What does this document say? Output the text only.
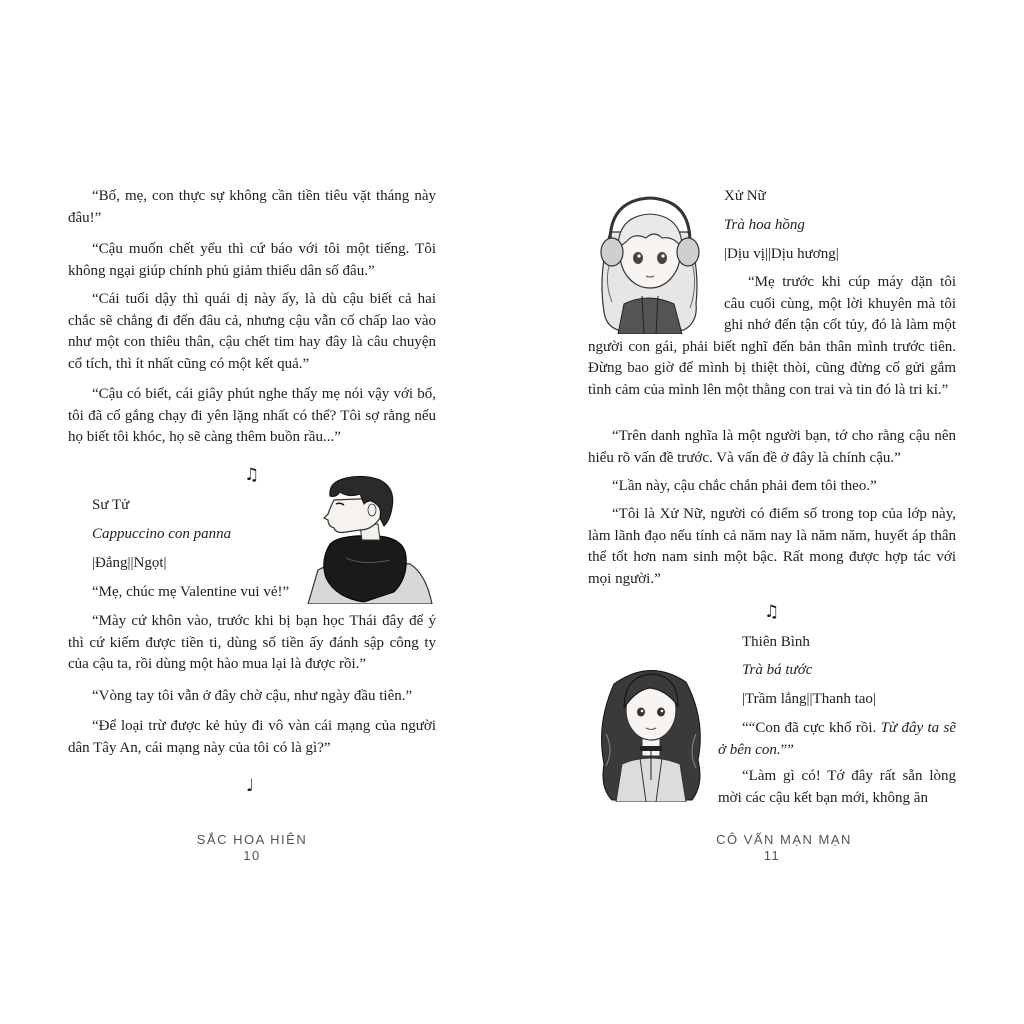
“Bố, mẹ, con thực sự không cần tiền tiêu vặt tháng này đâu!”

“Cậu muốn chết yểu thì cứ báo với tôi một tiếng. Tôi không ngại giúp chính phủ giảm thiểu dân số đâu.”

“Cái tuổi dậy thì quái dị này ấy, là dù cậu biết cả hai chắc sẽ chẳng đi đến đâu cả, nhưng cậu vẫn cố chấp lao vào như một con thiêu thân, cậu chết tim hay đây là câu chuyện cổ tích, thì ít nhất cũng có một kết quả.”

“Cậu có biết, cái giây phút nghe thấy mẹ nói vậy với bố, tôi đã cố gắng chạy đi yên lặng nhất có thể? Tôi sợ rằng nếu họ biết tôi khóc, họ sẽ càng thêm buồn rầu...”

♫

Sư Tử

Cappuccino con panna

|Đắng||Ngọt|

“Mẹ, chúc mẹ Valentine vui vẻ!”

“Mày cứ khôn vào, trước khi bị bạn học Thái đây để ý thì cứ kiếm được tiền ti, dùng số tiền ấy đánh sập công ty của cậu ta, rồi dùng một hào mua lại là được rồi.”

“Vòng tay tôi vẫn ở đây chờ cậu, như ngày đầu tiên.”

“Để loại trừ được kẻ hủy đi vô vàn cái mạng của người dân Tây An, cái mạng này của tôi có là gì?”

♩
SẮC HOA HIÊN
10

Xử Nữ

Trà hoa hồng

|Dịu vị||Dịu hương|

“Mẹ trước khi cúp máy dặn tôi câu cuối cùng, một lời khuyên mà tôi ghi nhớ đến tận cốt tủy, đó là làm một người con gái, phải biết nghĩ đến bản thân mình trước tiên. Đừng bao giờ để mình bị thiệt thòi, cũng đừng cố gửi gắm tình cảm của mình lên một thằng con trai và tin đó là tri kỉ.”

“Trên danh nghĩa là một người bạn, tớ cho rằng cậu nên hiểu rõ vấn đề trước. Và vấn đề ở đây là chính cậu.”

“Lần này, cậu chắc chắn phải đem tôi theo.”

“Tôi là Xử Nữ, người có điểm số trong top của lớp này, làm lãnh đạo nếu tính cả năm nay là năm năm, huyết áp thân thể tốt hơn nam sinh một bậc. Rất mong được hợp tác với mọi người.”

♫

Thiên Bình

Trà bá tước

|Trầm lắng||Thanh tao|

““Con đã cực khổ rồi. Từ đây ta sẽ ở bên con.””

“Làm gì có! Tớ đây rất sẵn lòng mời các cậu kết bạn mới, không ăn

CÔ VẤN MẠN MẠN
11
